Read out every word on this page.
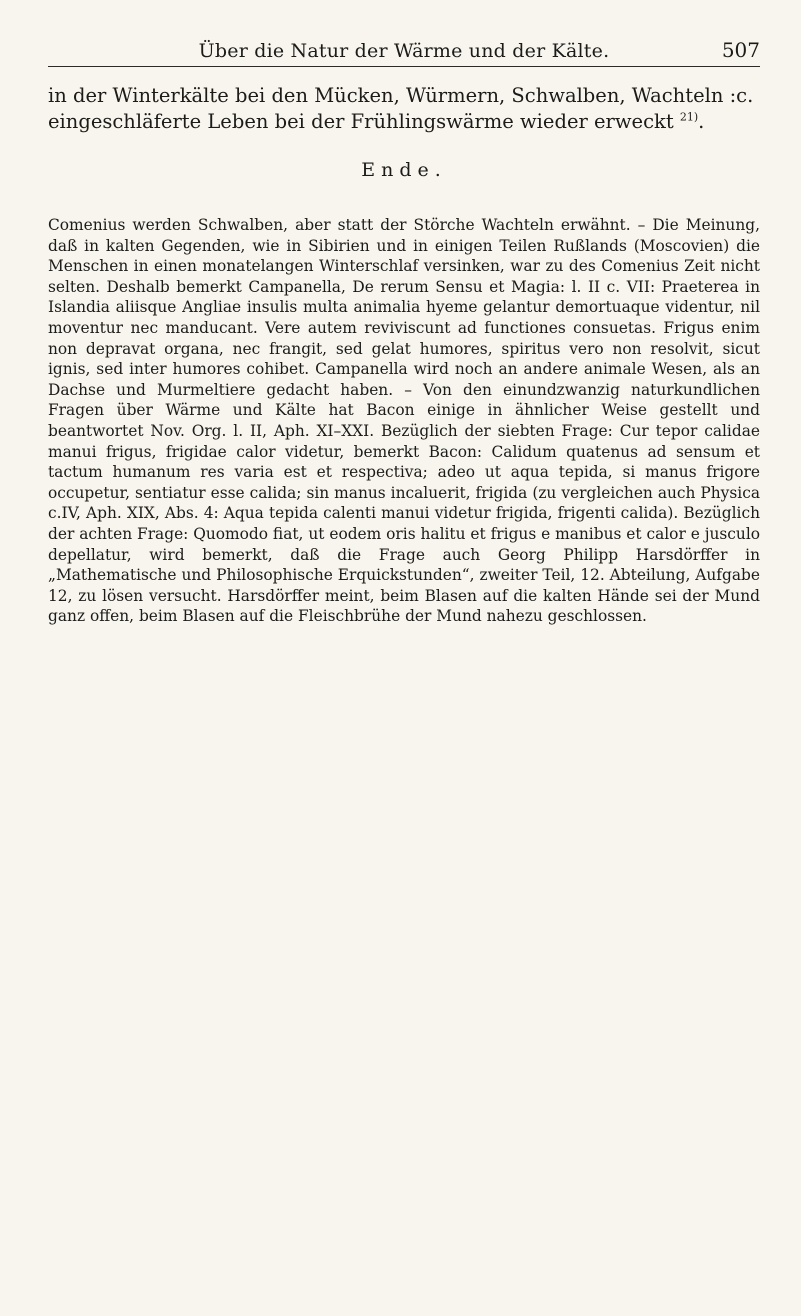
Über die Natur der Wärme und der Kälte.	507
in der Winterkälte bei den Mücken, Würmern, Schwalben, Wachteln :c.
eingeschläferte Leben bei der Frühlingswärme wieder erweckt $^{21)}$.
Ende.

Comenius werden Schwalben, aber statt der Störche Wachteln erwähnt. – Die Meinung, daß in kalten Gegenden, wie in Sibirien und in einigen Teilen Rußlands (Moscovien) die Menschen in einen monatelangen Winterschlaf versinken, war zu des Comenius Zeit nicht selten. Deshalb bemerkt Campanella, De rerum Sensu et Magia: l. II c. VII: Praeterea in Islandia aliisque Angliae insulis multa animalia hyeme gelantur demortuaque videntur, nil moventur nec manducant. Vere autem reviviscunt ad functiones consuetas. Frigus enim non depravat organa, nec frangit, sed gelat humores, spiritus vero non resolvit, sicut ignis, sed inter humores cohibet. Campanella wird noch an andere animale Wesen, als an Dachse und Murmeltiere gedacht haben. – Von den einundzwanzig naturkundlichen Fragen über Wärme und Kälte hat Bacon einige in ähnlicher Weise gestellt und beantwortet Nov. Org. l. II, Aph. XI–XXI. Bezüglich der siebten Frage: Cur tepor calidae manui frigus, frigidae calor videtur, bemerkt Bacon: Calidum quatenus ad sensum et tactum humanum res varia est et respectiva; adeo ut aqua tepida, si manus frigore occupetur, sentiatur esse calida; sin manus incaluerit, frigida (zu vergleichen auch Physica c.IV, Aph. XIX, Abs. 4: Aqua tepida calenti manui videtur frigida, frigenti calida). Bezüglich der achten Frage: Quomodo fiat, ut eodem oris halitu et frigus e manibus et calor e jusculo depellatur, wird bemerkt, daß die Frage auch Georg Philipp Harsdörffer in „Mathematische und Philosophische Erquickstunden“, zweiter Teil, 12. Abteilung, Aufgabe 12, zu lösen versucht. Harsdörffer meint, beim Blasen auf die kalten Hände sei der Mund ganz offen, beim Blasen auf die Fleischbrühe der Mund nahezu geschlossen.
